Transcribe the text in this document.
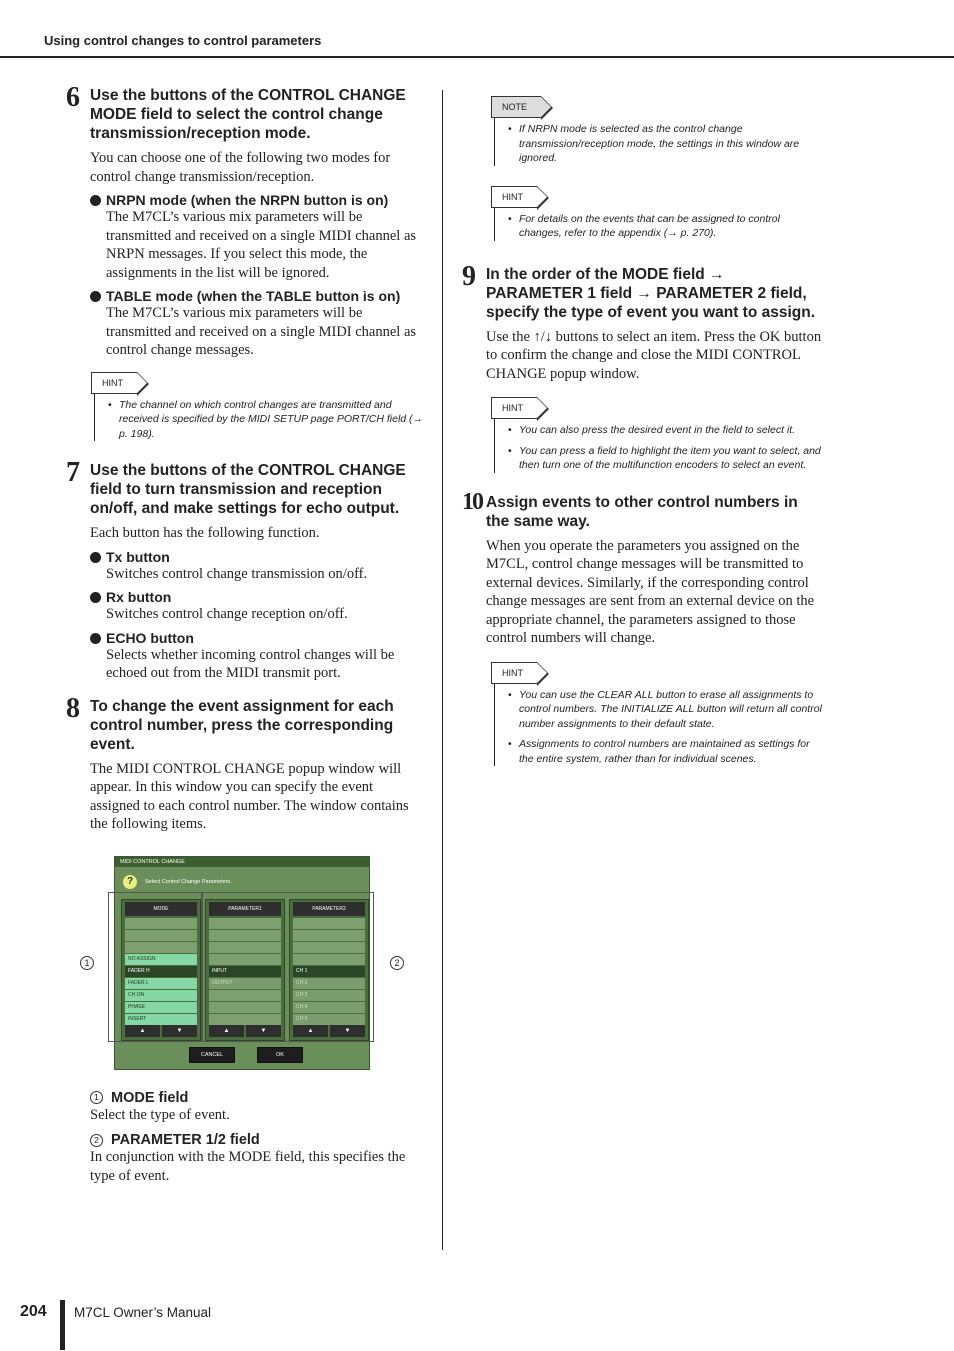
Using control changes to control parameters
6 Use the buttons of the CONTROL CHANGE MODE field to select the control change transmission/reception mode.
You can choose one of the following two modes for control change transmission/reception.
NRPN mode (when the NRPN button is on)
The M7CL’s various mix parameters will be transmitted and received on a single MIDI channel as NRPN messages. If you select this mode, the assignments in the list will be ignored.
TABLE mode (when the TABLE button is on)
The M7CL’s various mix parameters will be transmitted and received on a single MIDI channel as control change messages.
HINT
• The channel on which control changes are transmitted and received is specified by the MIDI SETUP page PORT/CH field (→ p. 198).
7 Use the buttons of the CONTROL CHANGE field to turn transmission and reception on/off, and make settings for echo output.
Each button has the following function.
Tx button
Switches control change transmission on/off.
Rx button
Switches control change reception on/off.
ECHO button
Selects whether incoming control changes will be echoed out from the MIDI transmit port.
8 To change the event assignment for each control number, press the corresponding event.
The MIDI CONTROL CHANGE popup window will appear. In this window you can specify the event assigned to each control number. The window contains the following items.
MIDI CONTROL CHANGE
?	Select Control Change Parameters.
MODE
NO ASSIGN
FADER H
FADER L
CH ON
PHASE
INSERT
▲	▼
PARAMETER1
INPUT
OUTPUT
▲	▼
PARAMETER2
CH 1
CH 2
CH 3
CH 4
CH 5
▲	▼
CANCEL	OK
1	2
1 MODE field
Select the type of event.
2 PARAMETER 1/2 field
In conjunction with the MODE field, this specifies the type of event.
NOTE
• If NRPN mode is selected as the control change transmission/reception mode, the settings in this window are ignored.
HINT
• For details on the events that can be assigned to control changes, refer to the appendix (→ p. 270).
9 In the order of the MODE field → PARAMETER 1 field → PARAMETER 2 field, specify the type of event you want to assign.
Use the ↑/↓ buttons to select an item. Press the OK button to confirm the change and close the MIDI CONTROL CHANGE popup window.
HINT
• You can also press the desired event in the field to select it.
• You can press a field to highlight the item you want to select, and then turn one of the multifunction encoders to select an event.
10 Assign events to other control numbers in the same way.
When you operate the parameters you assigned on the M7CL, control change messages will be transmitted to external devices. Similarly, if the corresponding control change messages are sent from an external device on the appropriate channel, the parameters assigned to those control numbers will change.
HINT
• You can use the CLEAR ALL button to erase all assignments to control numbers. The INITIALIZE ALL button will return all control number assignments to their default state.
• Assignments to control numbers are maintained as settings for the entire system, rather than for individual scenes.
204 M7CL Owner’s Manual
